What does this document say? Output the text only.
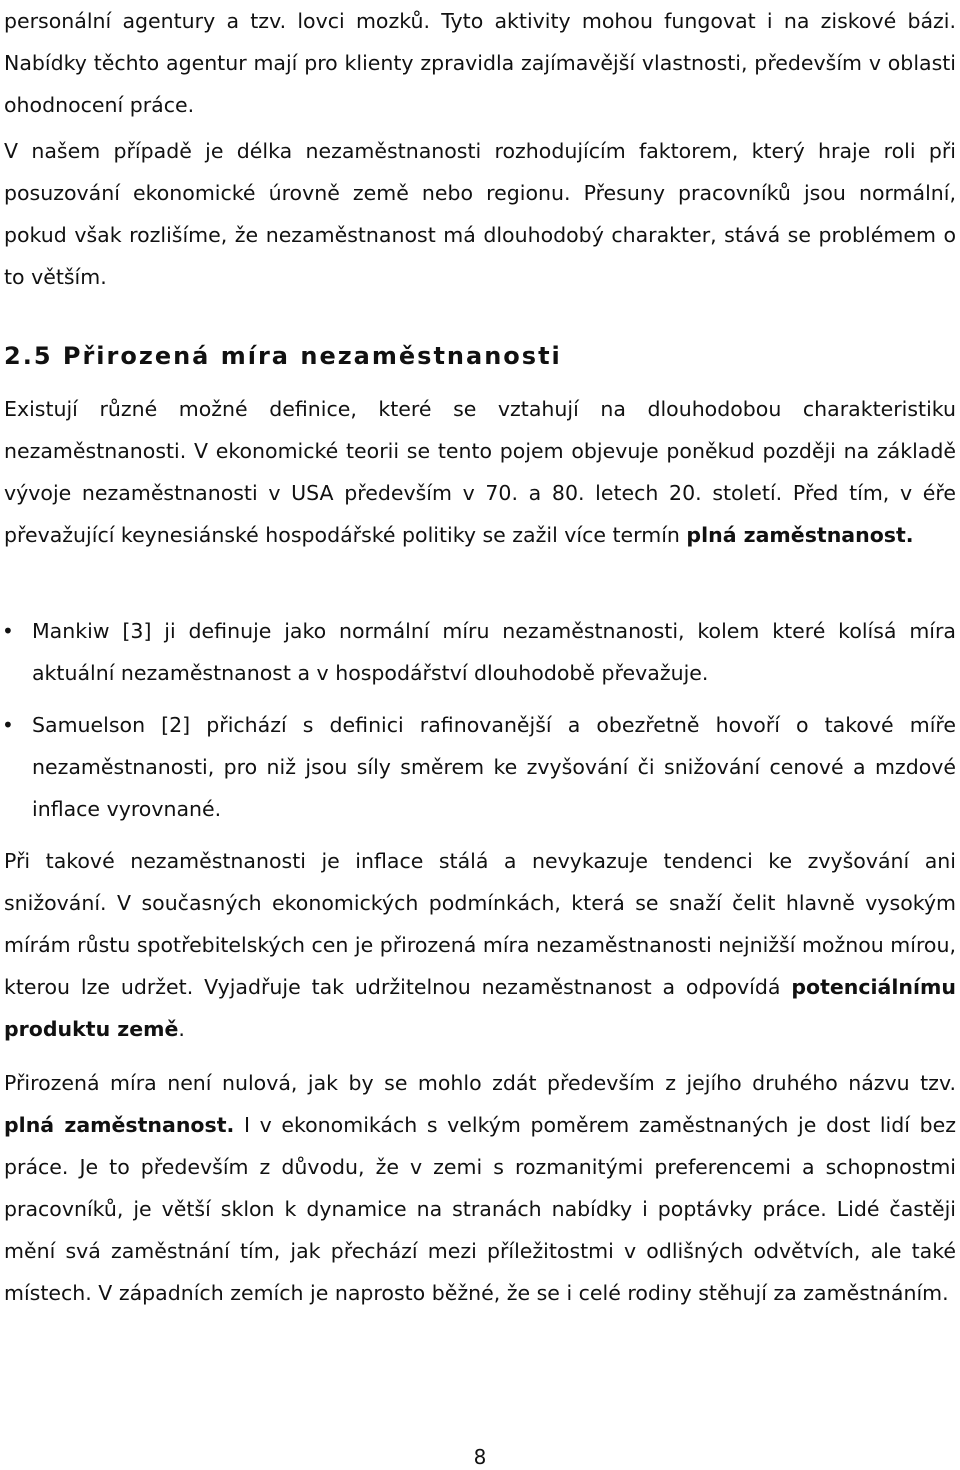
personální agentury a tzv. lovci mozků. Tyto aktivity mohou fungovat i na ziskové bázi. Nabídky těchto agentur mají pro klienty zpravidla zajímavější vlastnosti, především v oblasti ohodnocení práce.

V našem případě je délka nezaměstnanosti rozhodujícím faktorem, který hraje roli při posuzování ekonomické úrovně země nebo regionu. Přesuny pracovníků jsou normální, pokud však rozlišíme, že nezaměstnanost má dlouhodobý charakter, stává se problémem o to větším.

2.5 Přirozená míra nezaměstnanosti

Existují různé možné definice, které se vztahují na dlouhodobou charakteristiku nezaměstnanosti. V ekonomické teorii se tento pojem objevuje poněkud později na základě vývoje nezaměstnanosti v USA především v 70. a 80. letech 20. století. Před tím, v éře převažující keynesiánské hospodářské politiky se zažil více termín plná zaměstnanost.

• Mankiw [3] ji definuje jako normální míru nezaměstnanosti, kolem které kolísá míra aktuální nezaměstnanost a v hospodářství dlouhodobě převažuje.

• Samuelson [2] přichází s definici rafinovanější a obezřetně hovoří o takové míře nezaměstnanosti, pro niž jsou síly směrem ke zvyšování či snižování cenové a mzdové inflace vyrovnané.

Při takové nezaměstnanosti je inflace stálá a nevykazuje tendenci ke zvyšování ani snižování. V současných ekonomických podmínkách, která se snaží čelit hlavně vysokým mírám růstu spotřebitelských cen je přirozená míra nezaměstnanosti nejnižší možnou mírou, kterou lze udržet. Vyjadřuje tak udržitelnou nezaměstnanost a odpovídá potenciálnímu produktu země.

Přirozená míra není nulová, jak by se mohlo zdát především z jejího druhého názvu tzv. plná zaměstnanost. I v ekonomikách s velkým poměrem zaměstnaných je dost lidí bez práce. Je to především z důvodu, že v zemi s rozmanitými preferencemi a schopnostmi pracovníků, je větší sklon k dynamice na stranách nabídky i poptávky práce. Lidé častěji mění svá zaměstnání tím, jak přechází mezi příležitostmi v odlišných odvětvích, ale také místech. V západních zemích je naprosto běžné, že se i celé rodiny stěhují za zaměstnáním.

8
